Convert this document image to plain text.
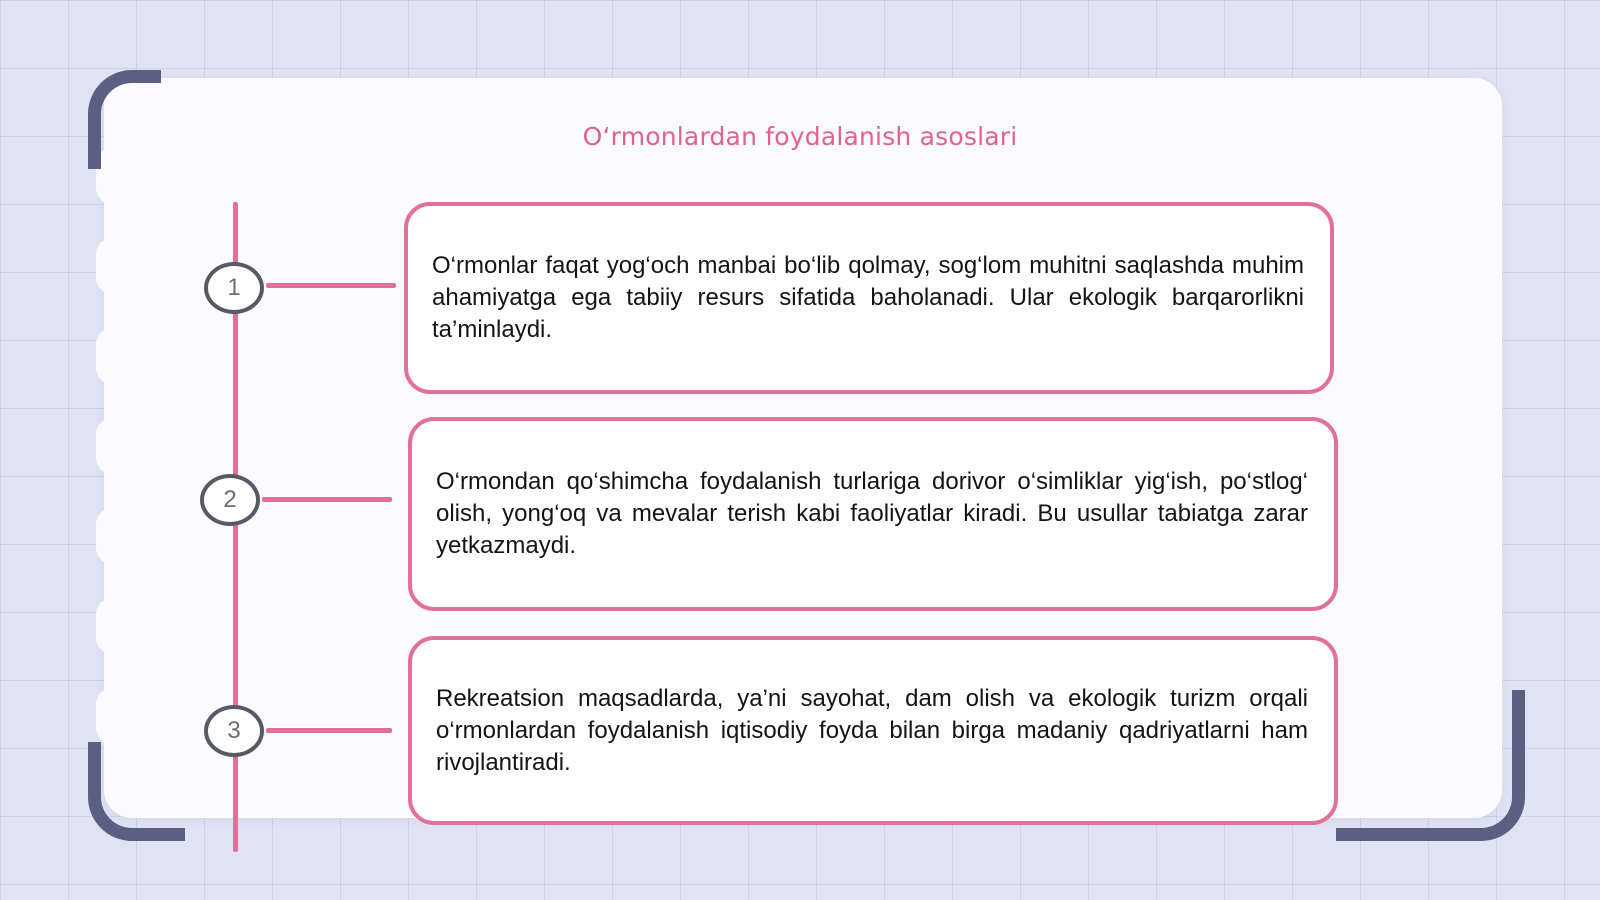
O‘rmonlardan foydalanish asoslari
1

O‘rmonlar faqat yog‘och manbai bo‘lib qolmay, sog‘lom muhitni saqlashda muhim ahamiyatga ega tabiiy resurs sifatida baholanadi. Ular ekologik barqarorlikni ta’minlaydi.

2

O‘rmondan qo‘shimcha foydalanish turlariga dorivor o‘simliklar yig‘ish, po‘stlog‘ olish, yong‘oq va mevalar terish kabi faoliyatlar kiradi. Bu usullar tabiatga zarar yetkazmaydi.

3

Rekreatsion maqsadlarda, ya’ni sayohat, dam olish va ekologik turizm orqali o‘rmonlardan foydalanish iqtisodiy foyda bilan birga madaniy qadriyatlarni ham rivojlantiradi.
